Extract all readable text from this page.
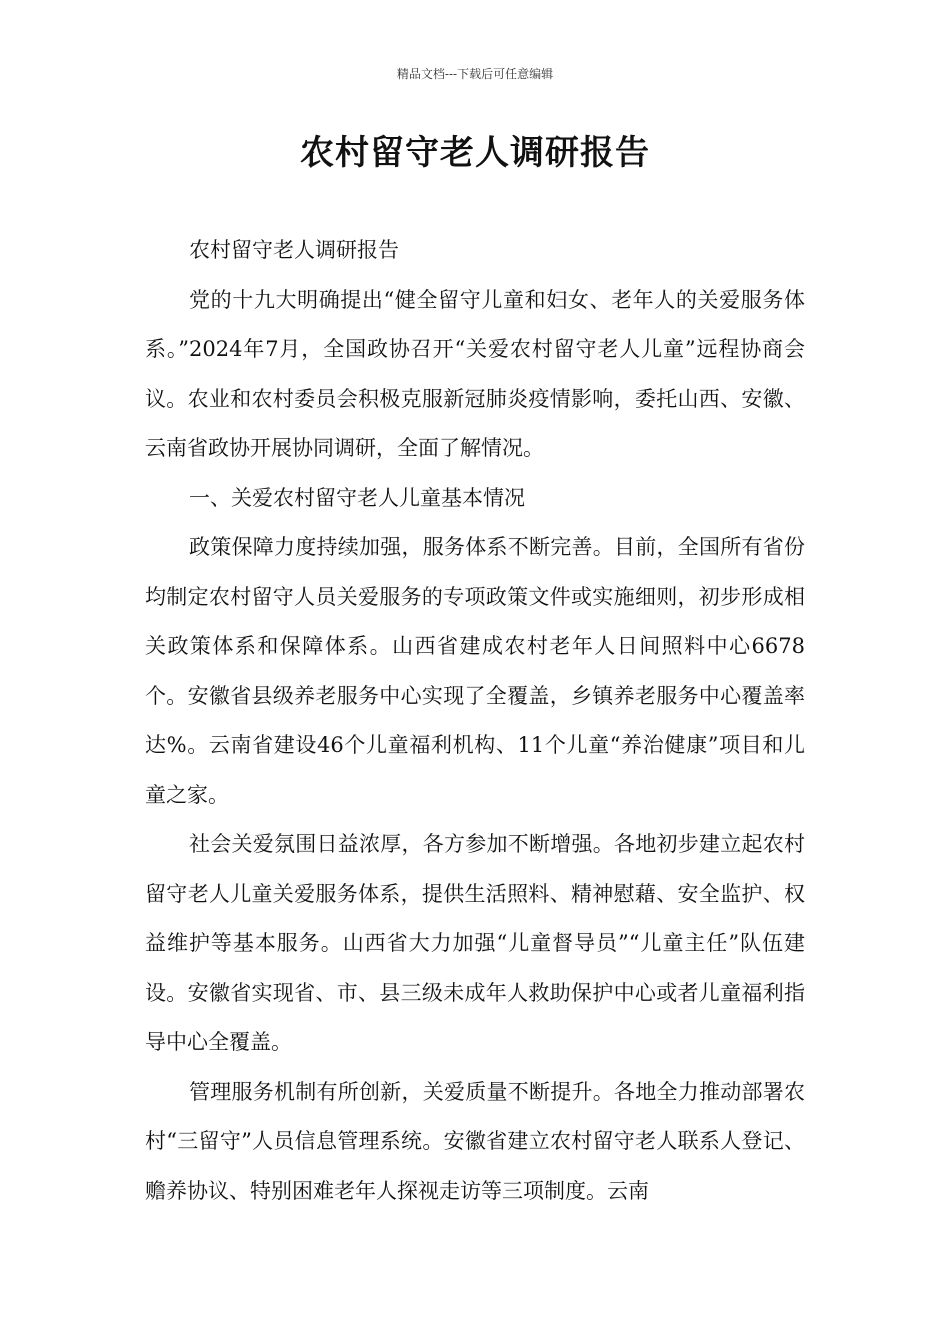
精品文档---下载后可任意编辑
农村留守老人调研报告

农村留守老人调研报告

党的十九大明确提出“健全留守儿童和妇女、老年人的关爱服务体系。”2024年7月，全国政协召开“关爱农村留守老人儿童”远程协商会议。农业和农村委员会积极克服新冠肺炎疫情影响，委托山西、安徽、云南省政协开展协同调研，全面了解情况。

一、关爱农村留守老人儿童基本情况

政策保障力度持续加强，服务体系不断完善。目前，全国所有省份均制定农村留守人员关爱服务的专项政策文件或实施细则，初步形成相关政策体系和保障体系。山西省建成农村老年人日间照料中心6678个。安徽省县级养老服务中心实现了全覆盖，乡镇养老服务中心覆盖率达%。云南省建设46个儿童福利机构、11个儿童“养治健康”项目和儿童之家。

社会关爱氛围日益浓厚，各方参加不断增强。各地初步建立起农村留守老人儿童关爱服务体系，提供生活照料、精神慰藉、安全监护、权益维护等基本服务。山西省大力加强“儿童督导员”“儿童主任”队伍建设。安徽省实现省、市、县三级未成年人救助保护中心或者儿童福利指导中心全覆盖。

管理服务机制有所创新，关爱质量不断提升。各地全力推动部署农村“三留守”人员信息管理系统。安徽省建立农村留守老人联系人登记、赡养协议、特别困难老年人探视走访等三项制度。云南
